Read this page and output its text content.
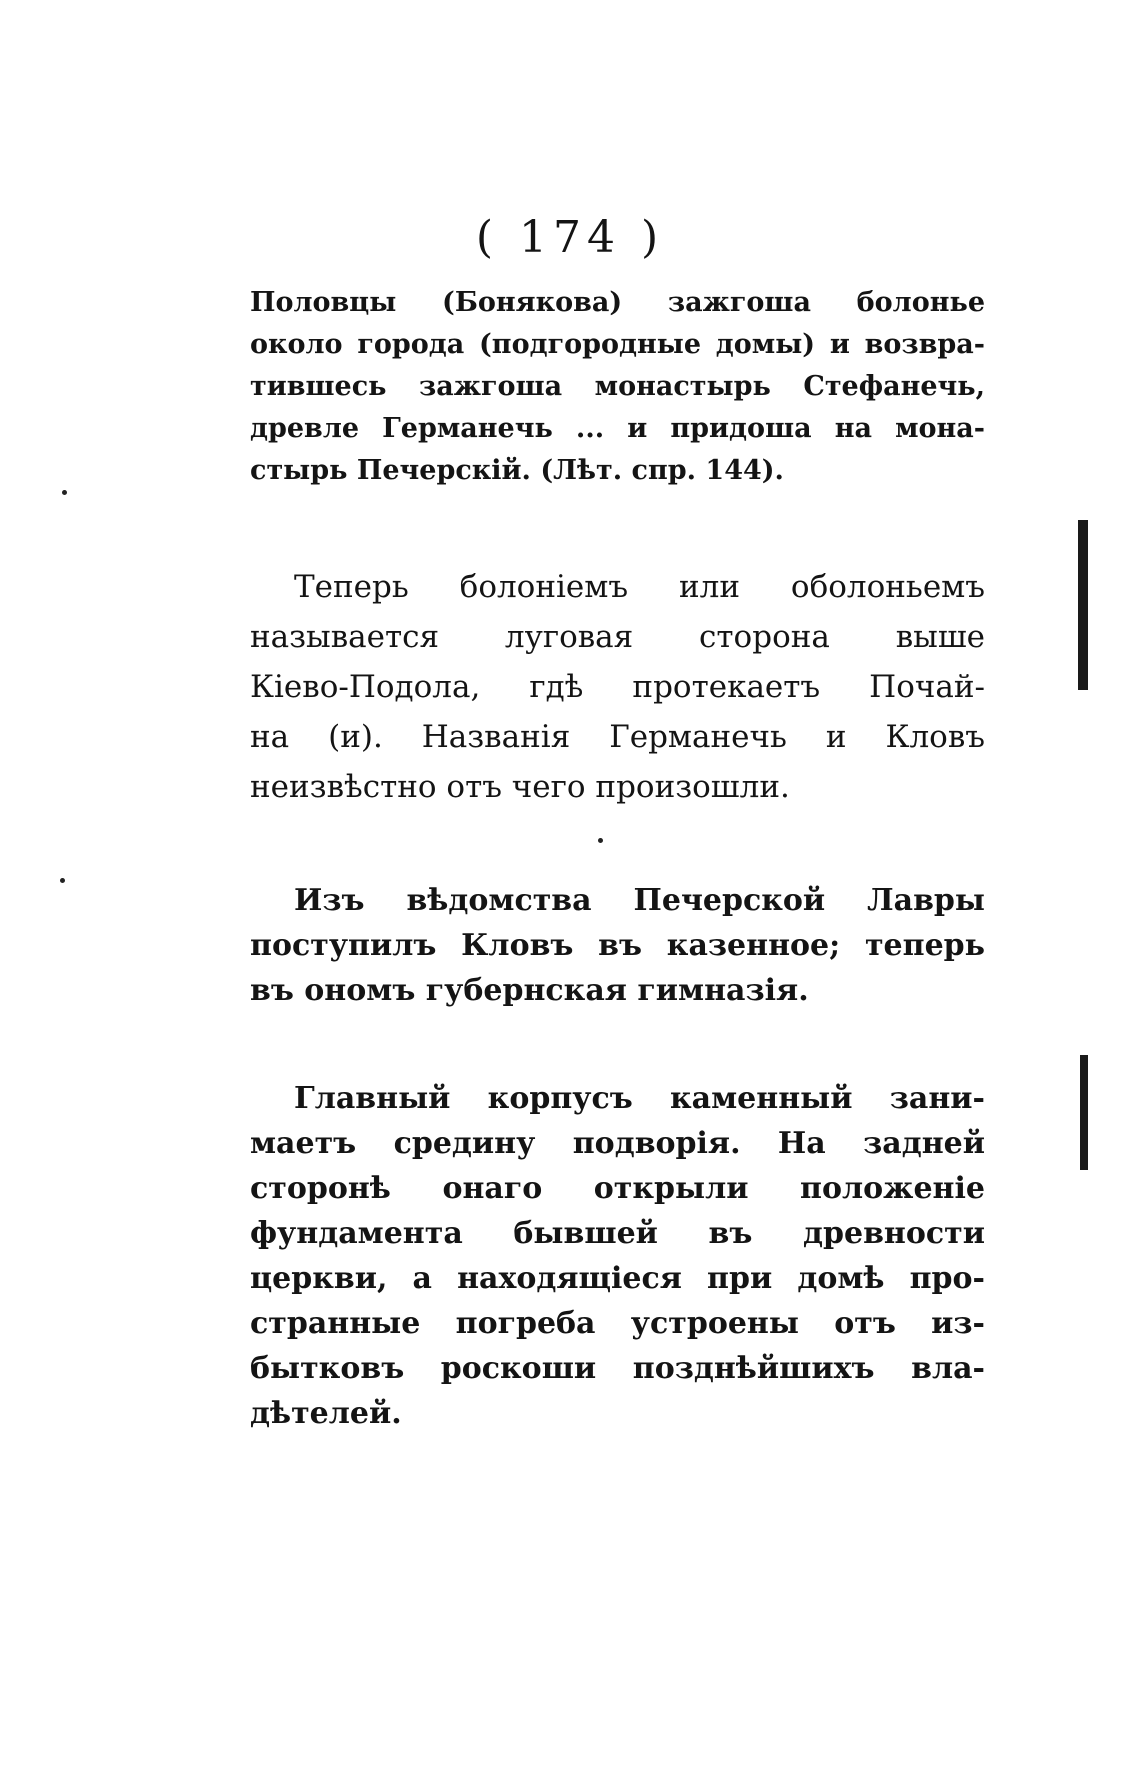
( 174 )
Половцы (Бонякова) зажгоша болонье
около города (подгородные домы) и возвра-
тившесь зажгоша монастырь Стефанечь,
древле Германечь ... и придоша на мона-
стырь Печерскій. (Лѣт. спр. 144).
Теперь болоніемъ или оболоньемъ
называется луговая сторона выше
Кіево-Подола, гдѣ протекаетъ Почай-
на (и). Названія Германечь и Кловъ
неизвѣстно отъ чего произошли.
Изъ вѣдомства Печерской Лавры
поступилъ Кловъ въ казенное; теперь
въ ономъ губернская гимназія.
Главный корпусъ каменный зани-
маетъ средину подворія. На задней
сторонѣ онаго открыли положеніе
фундамента бывшей въ древности
церкви, а находящіеся при домѣ про-
странные погреба устроены отъ из-
бытковъ роскоши позднѣйшихъ вла-
дѣтелей.
